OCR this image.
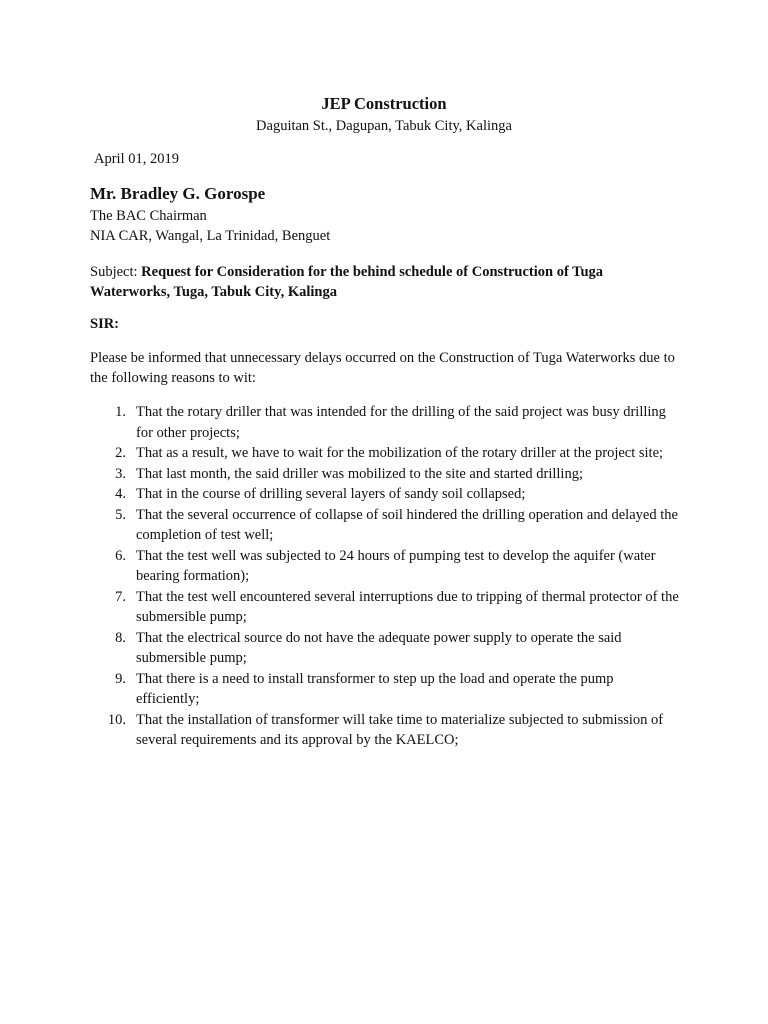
JEP Construction
Daguitan St., Dagupan, Tabuk City, Kalinga
April 01, 2019
Mr. Bradley G. Gorospe
The BAC Chairman
NIA CAR, Wangal, La Trinidad, Benguet
Subject: Request for Consideration for the behind schedule of Construction of Tuga Waterworks, Tuga, Tabuk City, Kalinga
SIR:
Please be informed that unnecessary delays occurred on the Construction of Tuga Waterworks due to the following reasons to wit:
1. That the rotary driller that was intended for the drilling of the said project was busy drilling for other projects;
2. That as a result, we have to wait for the mobilization of the rotary driller at the project site;
3. That last month, the said driller was mobilized to the site and started drilling;
4. That in the course of drilling several layers of sandy soil collapsed;
5. That the several occurrence of collapse of soil hindered the drilling operation and delayed the completion of test well;
6. That the test well was subjected to 24 hours of pumping test to develop the aquifer (water bearing formation);
7. That the test well encountered several interruptions due to tripping of thermal protector of the submersible pump;
8. That the electrical source do not have the adequate power supply to operate the said submersible pump;
9. That there is a need to install transformer to step up the load and operate the pump efficiently;
10. That the installation of transformer will take time to materialize subjected to submission of several requirements and its approval by the KAELCO;
